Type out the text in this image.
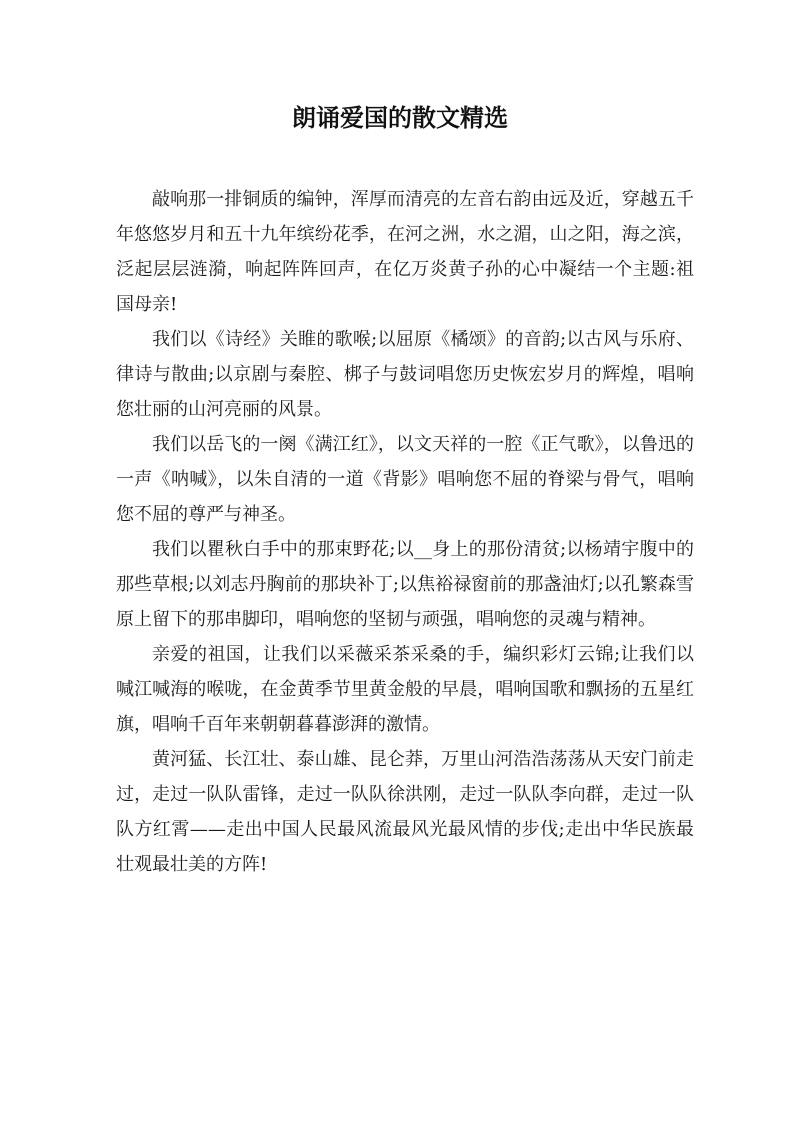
朗诵爱国的散文精选

敲响那一排铜质的编钟，浑厚而清亮的左音右韵由远及近，穿越五千年悠悠岁月和五十九年缤纷花季，在河之洲，水之湄，山之阳，海之滨，泛起层层涟漪，响起阵阵回声，在亿万炎黄子孙的心中凝结一个主题:祖国母亲!

我们以《诗经》关睢的歌喉;以屈原《橘颂》的音韵;以古风与乐府、律诗与散曲;以京剧与秦腔、梆子与鼓词唱您历史恢宏岁月的辉煌，唱响您壮丽的山河亮丽的风景。

我们以岳飞的一阕《满江红》，以文天祥的一腔《正气歌》，以鲁迅的一声《呐喊》，以朱自清的一道《背影》唱响您不屈的脊梁与骨气，唱响您不屈的尊严与神圣。

我们以瞿秋白手中的那束野花;以__身上的那份清贫;以杨靖宇腹中的那些草根;以刘志丹胸前的那块补丁;以焦裕禄窗前的那盏油灯;以孔繁森雪原上留下的那串脚印，唱响您的坚韧与顽强，唱响您的灵魂与精神。

亲爱的祖国，让我们以采薇采茶采桑的手，编织彩灯云锦;让我们以喊江喊海的喉咙，在金黄季节里黄金般的早晨，唱响国歌和飘扬的五星红旗，唱响千百年来朝朝暮暮澎湃的激情。

黄河猛、长江壮、泰山雄、昆仑莽，万里山河浩浩荡荡从天安门前走过，走过一队队雷锋，走过一队队徐洪刚，走过一队队李向群，走过一队队方红霄——走出中国人民最风流最风光最风情的步伐;走出中华民族最壮观最壮美的方阵!
